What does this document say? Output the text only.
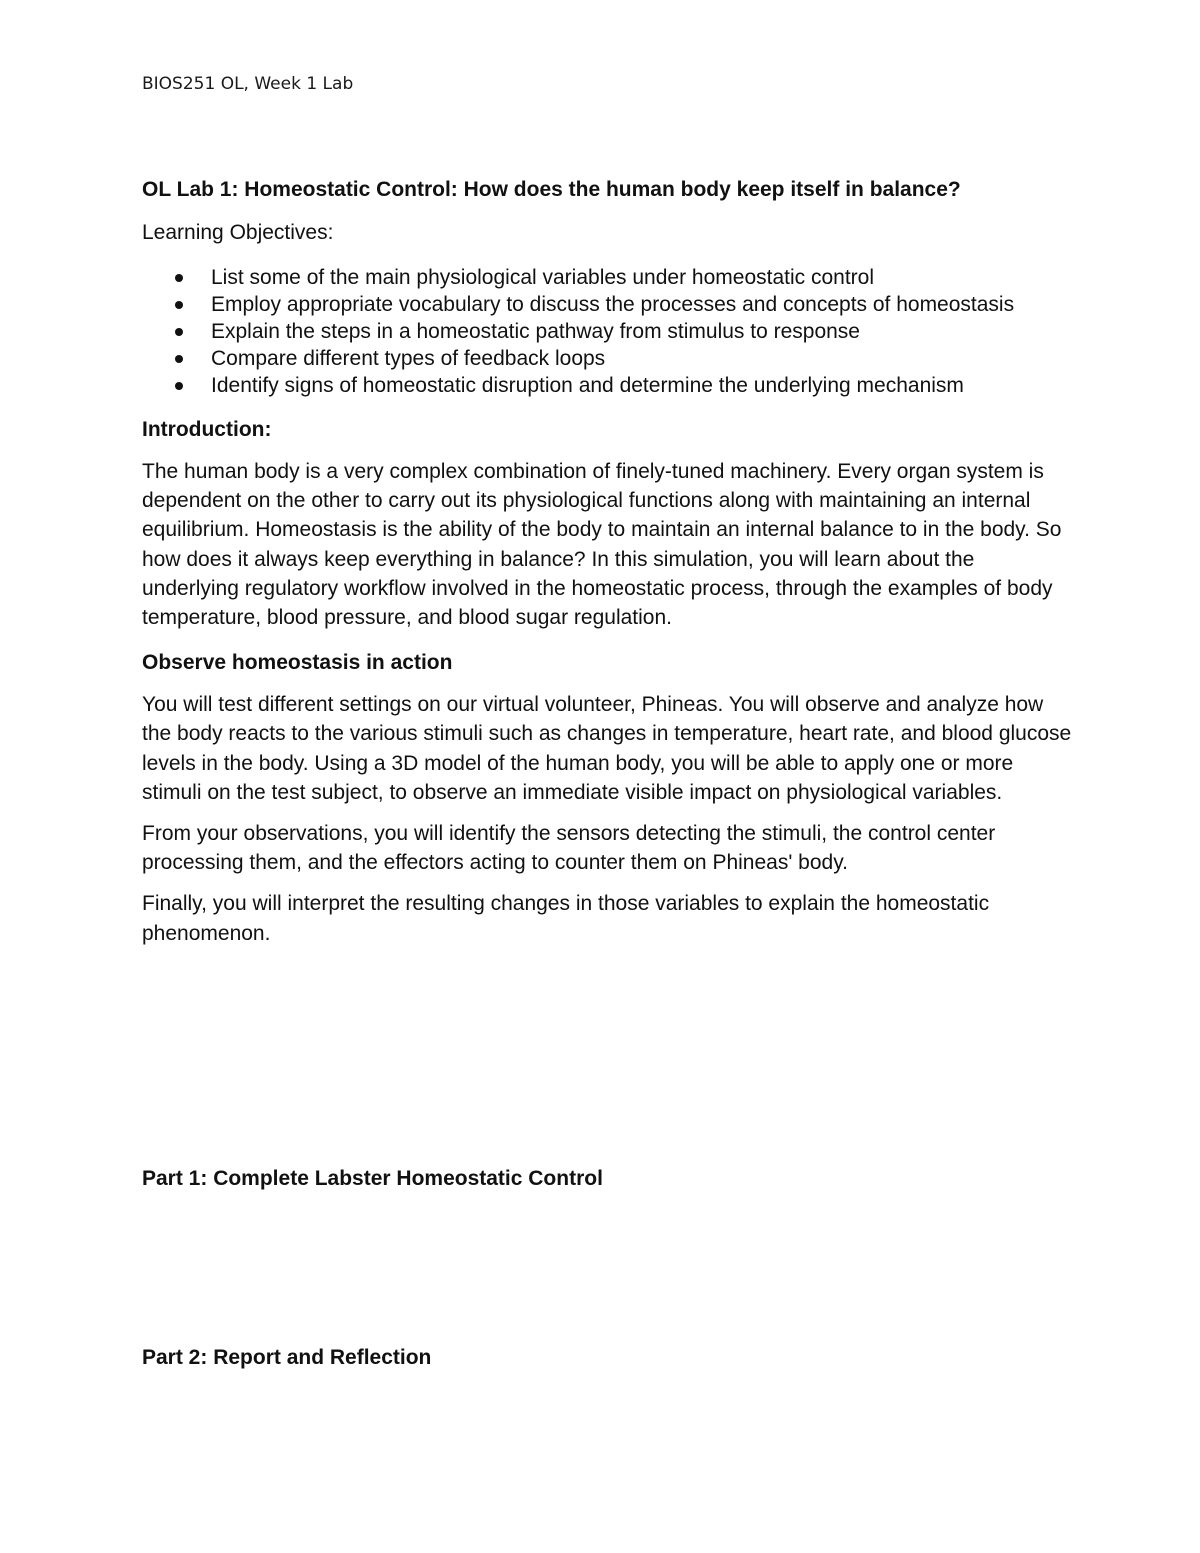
BIOS251 OL, Week 1 Lab

OL Lab 1: Homeostatic Control: How does the human body keep itself in balance?

Learning Objectives:

List some of the main physiological variables under homeostatic control
Employ appropriate vocabulary to discuss the processes and concepts of homeostasis
Explain the steps in a homeostatic pathway from stimulus to response
Compare different types of feedback loops
Identify signs of homeostatic disruption and determine the underlying mechanism
Introduction:

The human body is a very complex combination of finely-tuned machinery. Every organ system is dependent on the other to carry out its physiological functions along with maintaining an internal equilibrium. Homeostasis is the ability of the body to maintain an internal balance to in the body. So how does it always keep everything in balance? In this simulation, you will learn about the underlying regulatory workflow involved in the homeostatic process, through the examples of body temperature, blood pressure, and blood sugar regulation.

Observe homeostasis in action

You will test different settings on our virtual volunteer, Phineas. You will observe and analyze how the body reacts to the various stimuli such as changes in temperature, heart rate, and blood glucose levels in the body. Using a 3D model of the human body, you will be able to apply one or more stimuli on the test subject, to observe an immediate visible impact on physiological variables.

From your observations, you will identify the sensors detecting the stimuli, the control center processing them, and the effectors acting to counter them on Phineas' body.

Finally, you will interpret the resulting changes in those variables to explain the homeostatic phenomenon.

Part 1: Complete Labster Homeostatic Control
Part 2: Report and Reflection
